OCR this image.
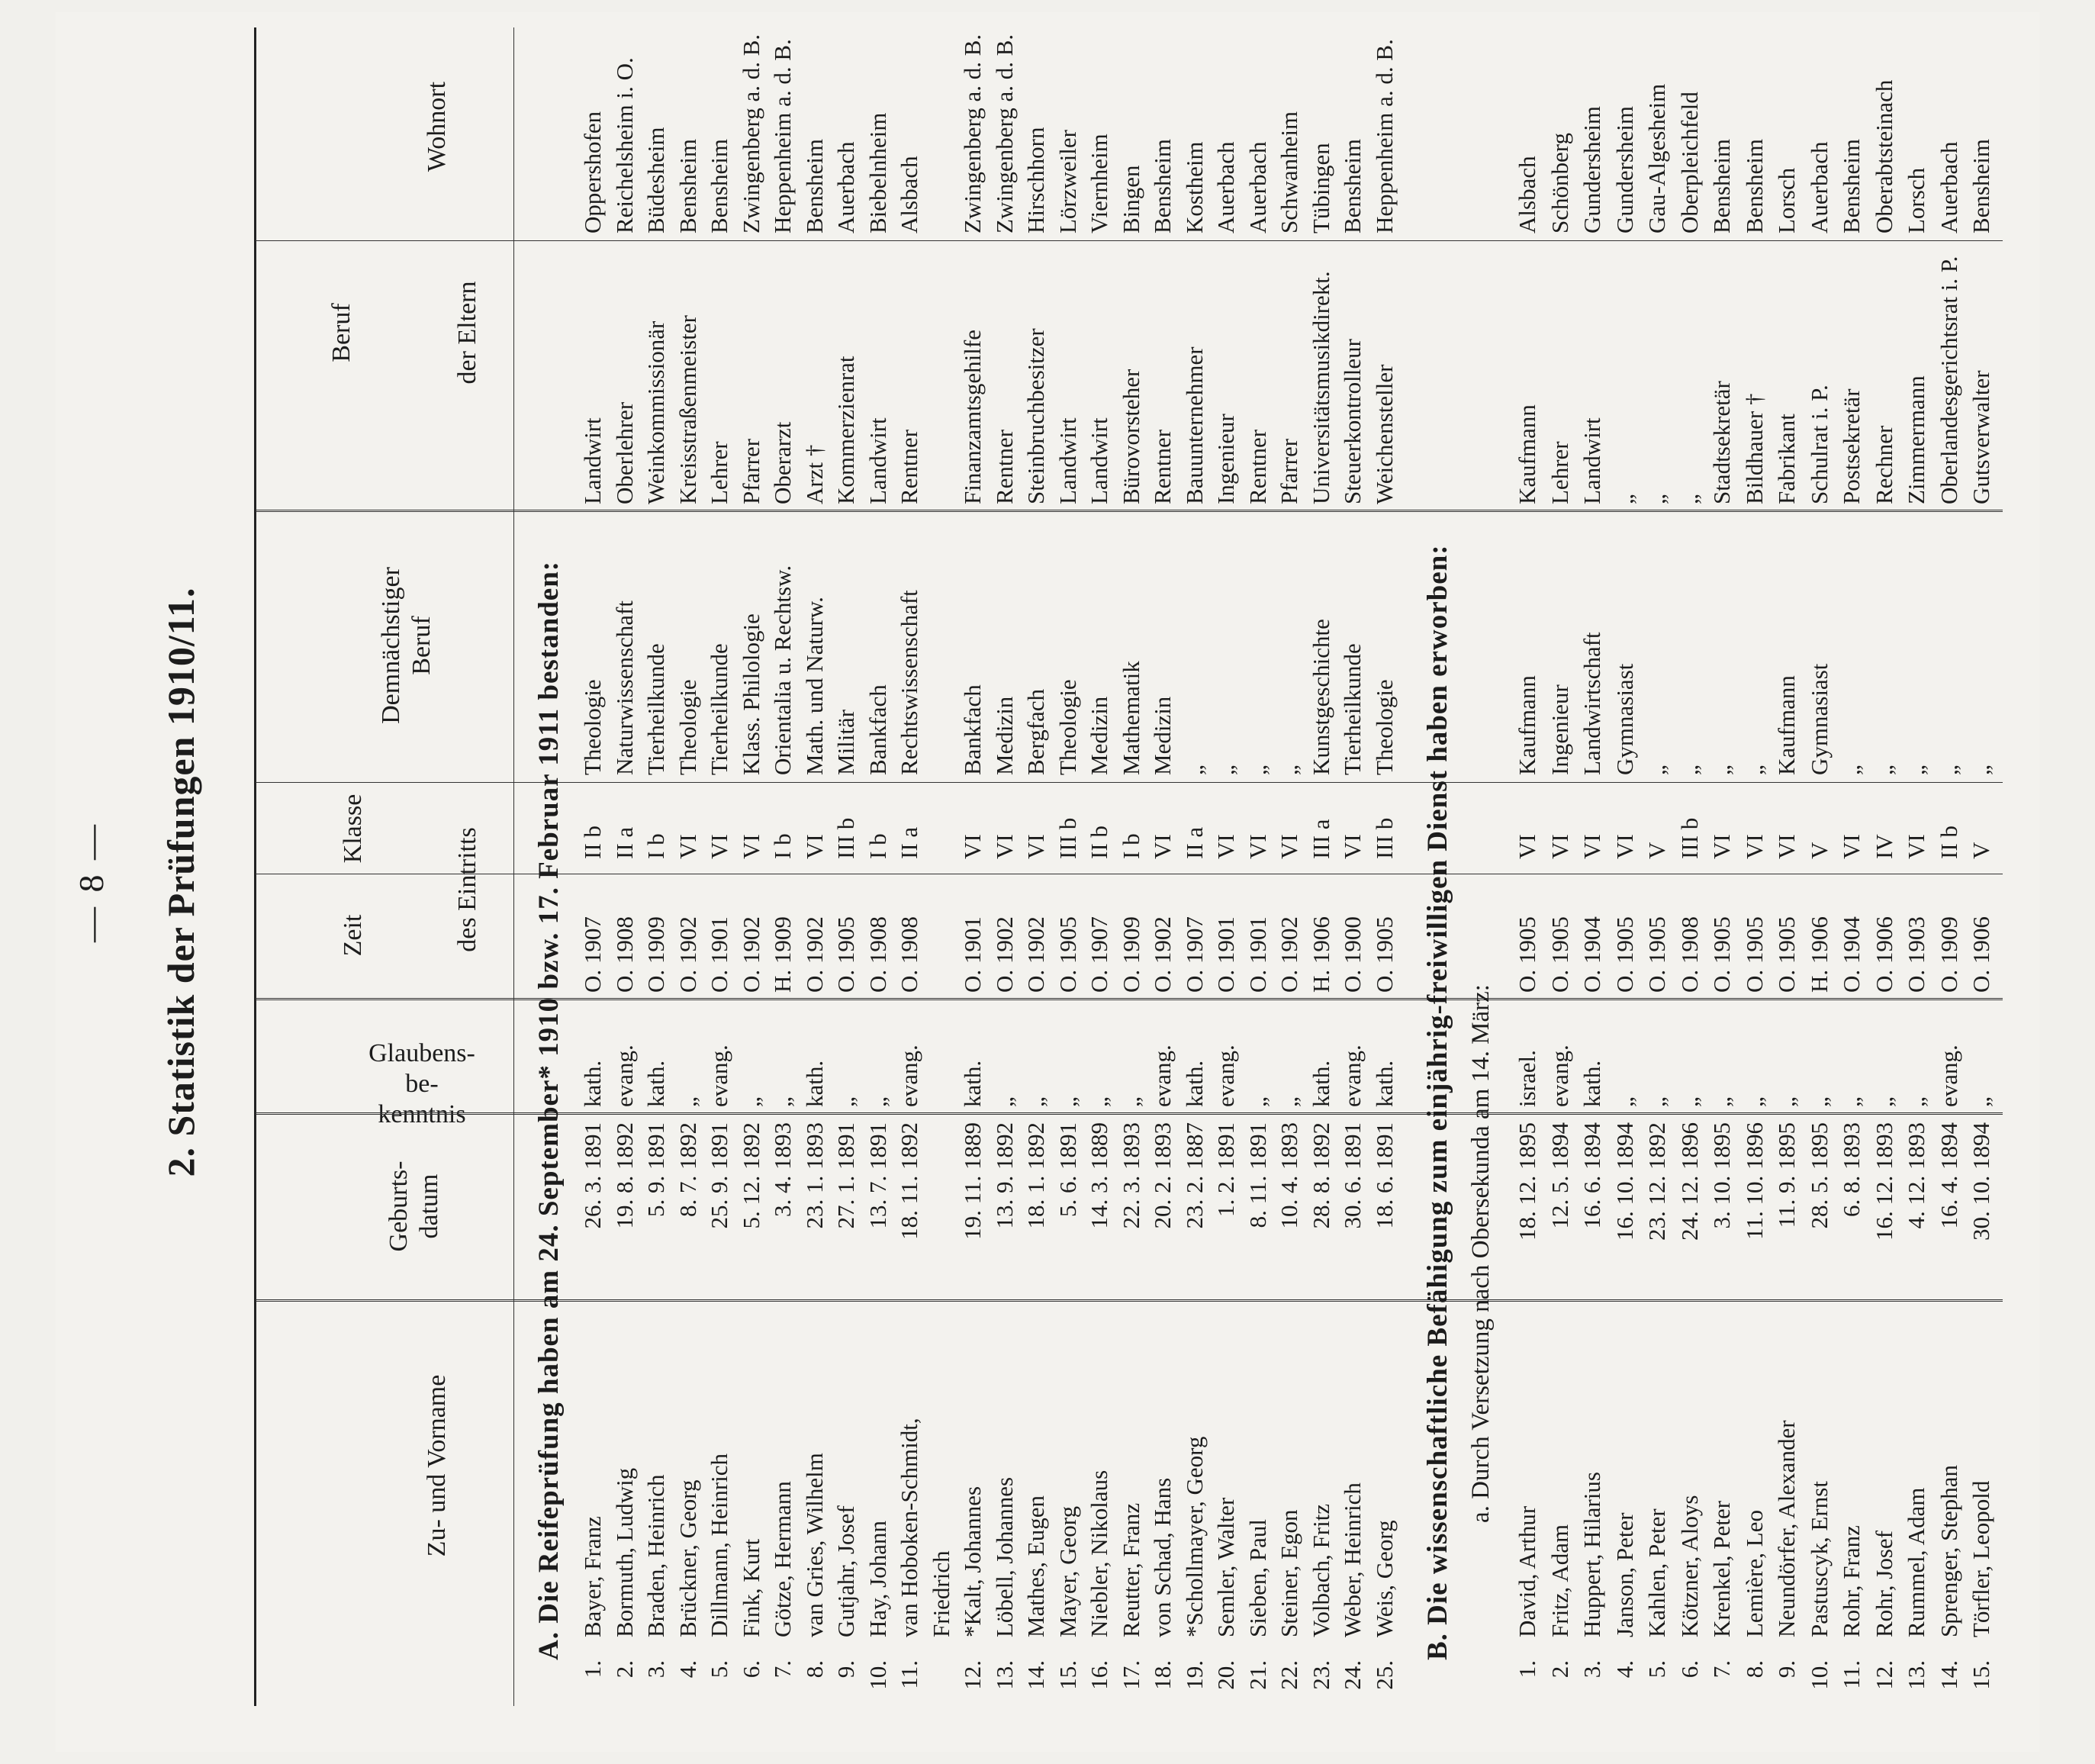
— 8 — 2. Statistik der Prüfungen 1910/11.
Zu- und Vorname
Geburts-
datum
Glaubens-
be-
kenntnis
Zeit
Klasse	des Eintritts
Demnächstiger
Beruf
Beruf	der Eltern
Wohnort
A. Die Reifeprüfung haben am 24. September* 1910 bzw. 17. Februar 1911 bestanden:
1.
Bayer, Franz
26. 3. 1891
kath.
O. 1907
II b
Theologie
Landwirt
Oppershofen
2.
Bormuth, Ludwig
19. 8. 1892
evang.
O. 1908
II a
Naturwissenschaft
Oberlehrer
Reichelsheim i. O.
3.
Braden, Heinrich
5. 9. 1891
kath.
O. 1909
I b
Tierheilkunde
Weinkommissionär
Büdesheim
4.
Brückner, Georg
8. 7. 1892
„
O. 1902
VI
Theologie
Kreisstraßenmeister
Bensheim
5.
Dillmann, Heinrich
25. 9. 1891
evang.
O. 1901
VI
Tierheilkunde
Lehrer
Bensheim
6.
Fink, Kurt
5. 12. 1892
„
O. 1902
VI
Klass. Philologie
Pfarrer
Zwingenberg a. d. B.
7.
Götze, Hermann
3. 4. 1893
„
H. 1909
I b
Orientalia u. Rechtsw.
Oberarzt
Heppenheim a. d. B.
8.
van Gries, Wilhelm
23. 1. 1893
kath.
O. 1902
VI
Math. und Naturw.
Arzt †
Bensheim
9.
Gutjahr, Josef
27. 1. 1891
„
O. 1905
III b
Militär
Kommerzienrat
Auerbach
10.
Hay, Johann
13. 7. 1891
„
O. 1908
I b
Bankfach
Landwirt
Biebelnheim
11.
van Hoboken-Schmidt,
18. 11. 1892
evang.
O. 1908
II a
Rechtswissenschaft
Rentner
Alsbach
Friedrich
12.
*Kalt, Johannes
19. 11. 1889
kath.
O. 1901
VI
Bankfach
Finanzamtsgehilfe
Zwingenberg a. d. B.
13.
Löbell, Johannes
13. 9. 1892
„
O. 1902
VI
Medizin
Rentner
Zwingenberg a. d. B.
14.
Mathes, Eugen
18. 1. 1892
„
O. 1902
VI
Bergfach
Steinbruchbesitzer
Hirschhorn
15.
Mayer, Georg
5. 6. 1891
„
O. 1905
III b
Theologie
Landwirt
Lörzweiler
16.
Niebler, Nikolaus
14. 3. 1889
„
O. 1907
II b
Medizin
Landwirt
Viernheim
17.
Reutter, Franz
22. 3. 1893
„
O. 1909
I b
Mathematik
Bürovorsteher
Bingen
18.
von Schad, Hans
20. 2. 1893
evang.
O. 1902
VI
Medizin
Rentner
Bensheim
19.
*Schollmayer, Georg
23. 2. 1887
kath.
O. 1907
II a
„
Bauunternehmer
Kostheim
20.
Semler, Walter
1. 2. 1891
evang.
O. 1901
VI
„
Ingenieur
Auerbach
21.
Sieben, Paul
8. 11. 1891
„
O. 1901
VI
„
Rentner
Auerbach
22.
Steiner, Egon
10. 4. 1893
„
O. 1902
VI
„
Pfarrer
Schwanheim
23.
Volbach, Fritz
28. 8. 1892
kath.
H. 1906
III a
Kunstgeschichte
Universitätsmusikdirekt.
Tübingen
24.
Weber, Heinrich
30. 6. 1891
evang.
O. 1900
VI
Tierheilkunde
Steuerkontrolleur
Bensheim
25.
Weis, Georg
18. 6. 1891
kath.
O. 1905
III b
Theologie
Weichensteller
Heppenheim a. d. B.
B. Die wissenschaftliche Befähigung zum einjährig-freiwilligen Dienst haben erworben: a. Durch Versetzung nach Obersekunda am 14. März:
1.
David, Arthur
18. 12. 1895
israel.
O. 1905
VI
Kaufmann
Kaufmann
Alsbach
2.
Fritz, Adam
12. 5. 1894
evang.
O. 1905
VI
Ingenieur
Lehrer
Schönberg
3.
Huppert, Hilarius
16. 6. 1894
kath.
O. 1904
VI
Landwirtschaft
Landwirt
Gundersheim
4.
Janson, Peter
16. 10. 1894
„
O. 1905
VI
Gymnasiast
„
Gundersheim
5.
Kahlen, Peter
23. 12. 1892
„
O. 1905
V
„
„
Gau-Algesheim
6.
Kötzner, Aloys
24. 12. 1896
„
O. 1908
III b
„
„
Oberpleichfeld
7.
Krenkel, Peter
3. 10. 1895
„
O. 1905
VI
„
Stadtsekretär
Bensheim
8.
Lemière, Leo
11. 10. 1896
„
O. 1905
VI
„
Bildhauer †
Bensheim
9.
Neundörfer, Alexander
11. 9. 1895
„
O. 1905
VI
Kaufmann
Fabrikant
Lorsch
10.
Pastuscyk, Ernst
28. 5. 1895
„
H. 1906
V
Gymnasiast
Schulrat i. P.
Auerbach
11.
Rohr, Franz
6. 8. 1893
„
O. 1904
VI
„
Postsekretär
Bensheim
12.
Rohr, Josef
16. 12. 1893
„
O. 1906
IV
„
Rechner
Oberabtsteinach
13.
Rummel, Adam
4. 12. 1893
„
O. 1903
VI
„
Zimmermann
Lorsch
14.
Sprenger, Stephan
16. 4. 1894
evang.
O. 1909
II b
„
Oberlandesgerichtsrat i. P.
Auerbach
15.
Törfler, Leopold
30. 10. 1894
„
O. 1906
V
„
Gutsverwalter
Bensheim
